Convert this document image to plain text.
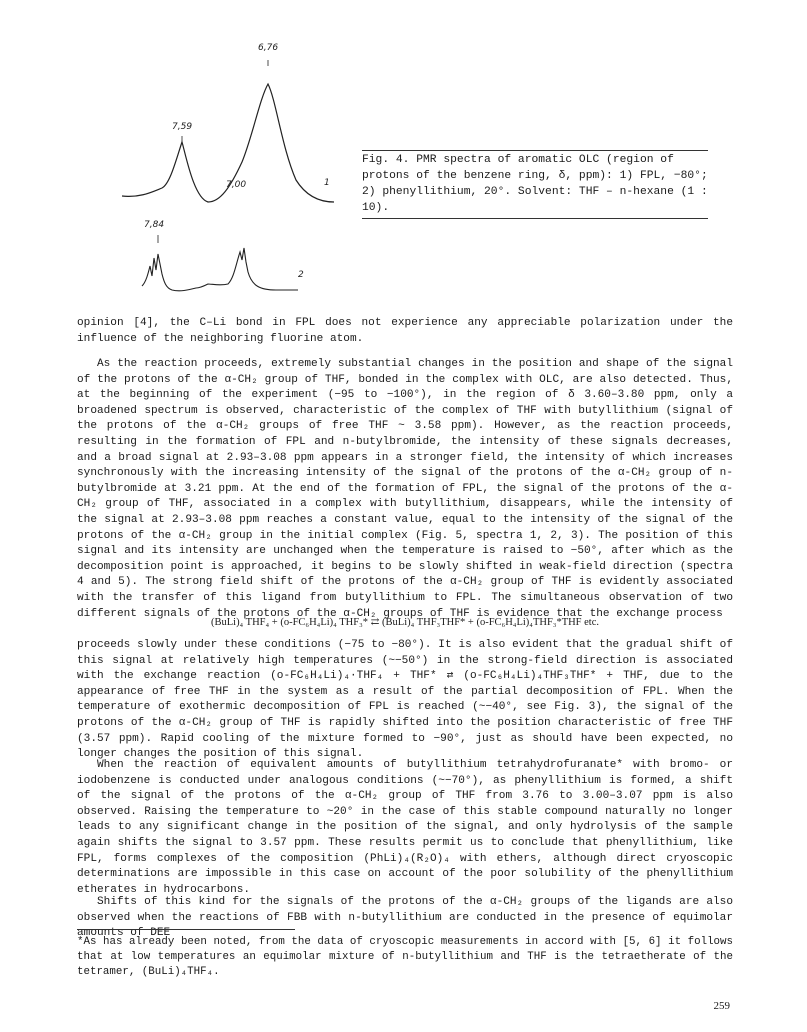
6,76
7,59
7,00	1
7,84
2
Fig. 4. PMR spectra of aromatic OLC (region of protons of the benzene ring, δ, ppm): 1) FPL, −80°; 2) phenyllithium, 20°. Solvent: THF – n-hexane (1 : 10).
opinion [4], the C–Li bond in FPL does not experience any appreciable polarization under the influence of the neighboring fluorine atom.
As the reaction proceeds, extremely substantial changes in the position and shape of the signal of the protons of the α-CH₂ group of THF, bonded in the complex with OLC, are also detected. Thus, at the beginning of the experiment (−95 to −100°), in the region of δ 3.60–3.80 ppm, only a broadened spectrum is observed, characteristic of the complex of THF with butyllithium (signal of the protons of the α-CH₂ groups of free THF ~ 3.58 ppm). However, as the reaction proceeds, resulting in the formation of FPL and n-butylbromide, the intensity of these signals decreases, and a broad signal at 2.93–3.08 ppm appears in a stronger field, the intensity of which increases synchronously with the increasing intensity of the signal of the protons of the α-CH₂ group of n-butylbromide at 3.21 ppm. At the end of the formation of FPL, the signal of the protons of the α-CH₂ group of THF, associated in a complex with butyllithium, disappears, while the intensity of the signal at 2.93–3.08 ppm reaches a constant value, equal to the intensity of the signal of the protons of the α-CH₂ group in the initial complex (Fig. 5, spectra 1, 2, 3). The position of this signal and its intensity are unchanged when the temperature is raised to −50°, after which as the decomposition point is approached, it begins to be slowly shifted in weak-field direction (spectra 4 and 5). The strong field shift of the protons of the α-CH₂ group of THF is evidently associated with the transfer of this ligand from butyllithium to FPL. The simultaneous observation of two different signals of the protons of the α-CH₂ groups of THF is evidence that the exchange process
(BuLi)₄ THF₄ + (o-FC₆H₄Li)₄ THF₃* ⇄ (BuLi)₄ THF₃THF* + (o-FC₆H₄Li)₄THF₃*THF etc.
proceeds slowly under these conditions (−75 to −80°). It is also evident that the gradual shift of this signal at relatively high temperatures (~−50°) in the strong-field direction is associated with the exchange reaction (o-FC₆H₄Li)₄·THF₄ + THF* ⇄ (o-FC₆H₄Li)₄THF₃THF* + THF, due to the appearance of free THF in the system as a result of the partial decomposition of FPL. When the temperature of exothermic decomposition of FPL is reached (~−40°, see Fig. 3), the signal of the protons of the α-CH₂ group of THF is rapidly shifted into the position characteristic of free THF (3.57 ppm). Rapid cooling of the mixture formed to −90°, just as should have been expected, no longer changes the position of this signal.
When the reaction of equivalent amounts of butyllithium tetrahydrofuranate* with bromo- or iodobenzene is conducted under analogous conditions (~−70°), as phenyllithium is formed, a shift of the signal of the protons of the α-CH₂ group of THF from 3.76 to 3.00–3.07 ppm is also observed. Raising the temperature to ~20° in the case of this stable compound naturally no longer leads to any significant change in the position of the signal, and only hydrolysis of the sample again shifts the signal to 3.57 ppm. These results permit us to conclude that phenyllithium, like FPL, forms complexes of the composition (PhLi)₄(R₂O)₄ with ethers, although direct cryoscopic determinations are impossible in this case on account of the poor solubility of the phenyllithium etherates in hydrocarbons.
Shifts of this kind for the signals of the protons of the α-CH₂ groups of the ligands are also observed when the reactions of FBB with n-butyllithium are conducted in the presence of equimolar amounts of DEE
*As has already been noted, from the data of cryoscopic measurements in accord with [5, 6] it follows that at low temperatures an equimolar mixture of n-butyllithium and THF is the tetraetherate of the tetramer, (BuLi)₄THF₄.
259
